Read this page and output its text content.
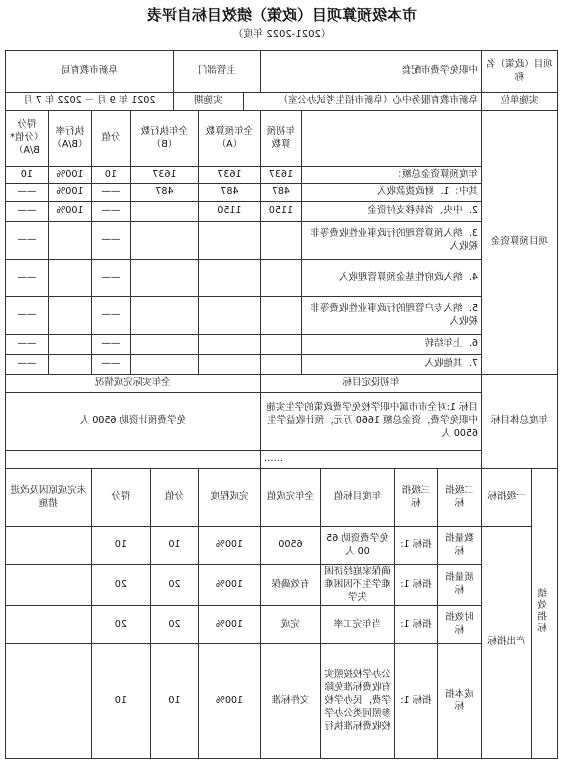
市本级预算项目（政策）绩效目标自评表
（2021-2022 年度）
项目（政策）名称		中职免学费市配套					主管部门			阜新市教育局				
实施单位		阜新市教育服务中心（阜新市招生考试办公室）						实施期		2021 年 9 月 － 2022 年 7 月				
项目预算资金						年初预算数	全年预算数（A）		全年执行数（B）			分值	执行率（B/A）	得分（分值*B/A）
		年度预算资金总额：				1637	1637		1637			10	100%	10
		其中：1．财政拨款收入				487	487		487			——	100%	——
		2．中央、省转移支付资金				1150	1150					——	100%	——
		3．纳入预算管理的行政事业性收费等非税收入										——		——
		4．纳入政府性基金预算管理收入										——		——
		5．纳入专户管理的行政事业性收费等非税收入										——		——
		6．上年结转										——		——
		7．其他收入										——		——
年度总体目标		年初设定目标					全年实际完成情况							
		目标 1:对全市市属中职学校免学费政策的学生实施中职免学费，资金总额 1660 万元，预计收益学生 6500 人					免学费预计资助 6500 人							
		……												
绩效指标	一级指标	二级指标	三级指标	年度目标值	全年完成值		完成程度		分值		得分		未完成原因及改进措施	
	产出指标	数量指标	指标 1:	免学费资助 6500 人	6500		100%		10		10			
		质量指标	指标 1:	确保家庭经济困难学生不因困难失学	有效确保		100%		20		20			
		时效指标	指标 1:	当年完工率	完成		100%		20		20			
		成本指标	指标 1:	公办学校按照实有收费标准免除学费，民办学校参照同类公办学校收费标准执行	文件标准		100%		10		10			
